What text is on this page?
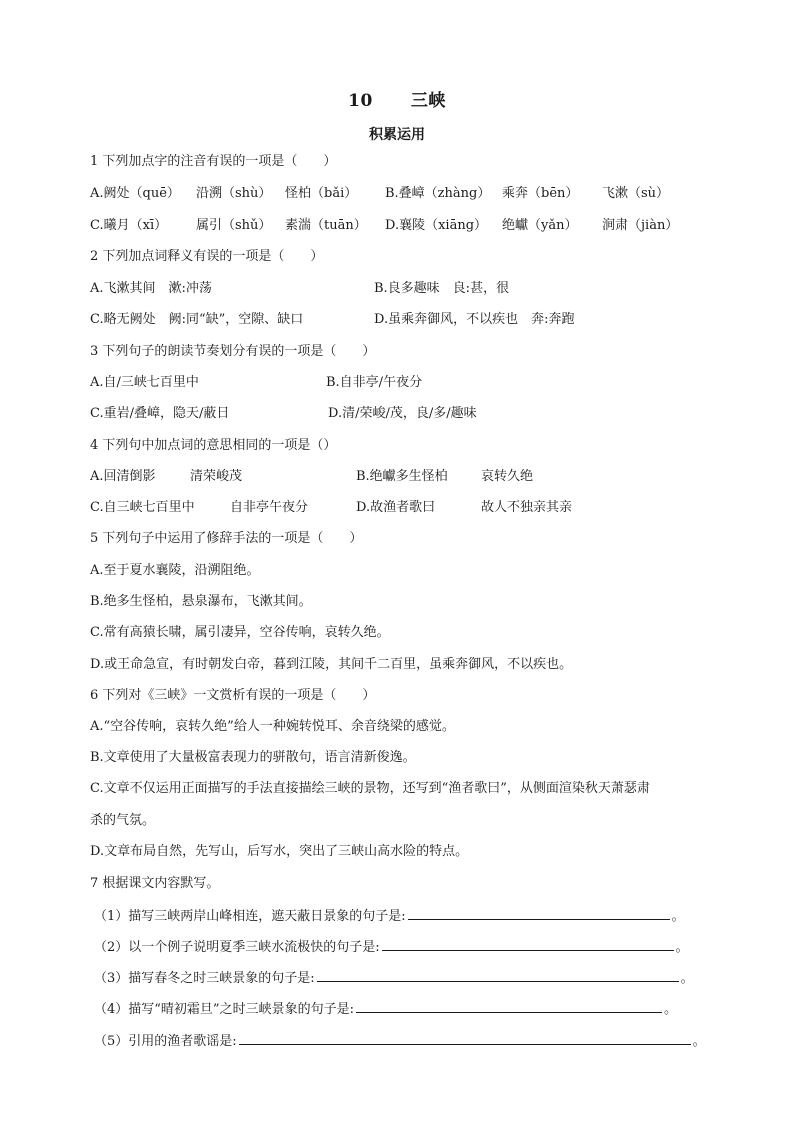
10 三峡
积累运用
1 下列加点字的注音有误的一项是（　　）
A.阙处（quē） 沿溯（shù） 怪柏（bǎi） B.叠嶂（zhàng） 乘奔（bēn） 飞漱（sù）
C.曦月（xī） 属引（shǔ） 素湍（tuān） D.襄陵（xiāng） 绝巘（yǎn） 涧肃（jiàn）
2 下列加点词释义有误的一项是（　　）
A.飞漱其间　漱:冲荡	B.良多趣味　良:甚，很
C.略无阙处　阙:同“缺”，空隙、缺口	D.虽乘奔御风，不以疾也　奔:奔跑
3 下列句子的朗读节奏划分有误的一项是（　　）
A.自/三峡七百里中	B.自非亭/午夜分
C.重岩/叠嶂，隐天/蔽日	D.清/荣峻/茂，良/多/趣味
4 下列句中加点词的意思相同的一项是（）
A.回清倒影	清荣峻茂	B.绝巘多生怪柏	哀转久绝
C.自三峡七百里中	自非亭午夜分	D.故渔者歌曰	故人不独亲其亲
5 下列句子中运用了修辞手法的一项是（　　）
A.至于夏水襄陵，沿溯阻绝。
B.绝多生怪柏，悬泉瀑布，飞漱其间。
C.常有高猿长啸，属引凄异，空谷传响，哀转久绝。
D.或王命急宣，有时朝发白帝，暮到江陵，其间千二百里，虽乘奔御风，不以疾也。
6 下列对《三峡》一文赏析有误的一项是（　　）
A.“空谷传响，哀转久绝”给人一种婉转悦耳、余音绕梁的感觉。
B.文章使用了大量极富表现力的骈散句，语言清新俊逸。
C.文章不仅运用正面描写的手法直接描绘三峡的景物，还写到“渔者歌曰”，从侧面渲染秋天萧瑟肃
杀的气氛。
D.文章布局自然，先写山，后写水，突出了三峡山高水险的特点。
7 根据课文内容默写。
（1）描写三峡两岸山峰相连，遮天蔽日景象的句子是:	。
（2）以一个例子说明夏季三峡水流极快的句子是:	。
（3）描写春冬之时三峡景象的句子是:	。
（4）描写“晴初霜旦”之时三峡景象的句子是:	。
（5）引用的渔者歌谣是:	。
